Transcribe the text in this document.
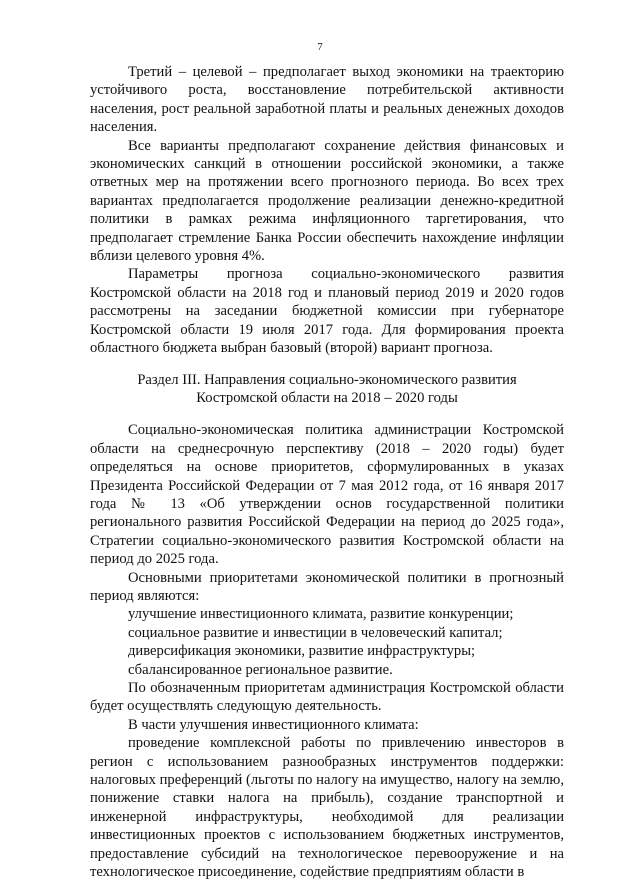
7

Третий – целевой – предполагает выход экономики на траекторию устойчивого роста, восстановление потребительской активности населения, рост реальной заработной платы и реальных денежных доходов населения.

Все варианты предполагают сохранение действия финансовых и экономических санкций в отношении российской экономики, а также ответных мер на протяжении всего прогнозного периода. Во всех трех вариантах предполагается продолжение реализации денежно-кредитной политики в рамках режима инфляционного таргетирования, что предполагает стремление Банка России обеспечить нахождение инфляции вблизи целевого уровня 4%.

Параметры прогноза социально-экономического развития Костромской области на 2018 год и плановый период 2019 и 2020 годов рассмотрены на заседании бюджетной комиссии при губернаторе Костромской области 19 июля 2017 года. Для формирования проекта областного бюджета выбран базовый (второй) вариант прогноза.

Раздел III. Направления социально-экономического развития
Костромской области на 2018 – 2020 годы

Социально-экономическая политика администрации Костромской области на среднесрочную перспективу (2018 – 2020 годы) будет определяться на основе приоритетов, сформулированных в указах Президента Российской Федерации от 7 мая 2012 года, от 16 января 2017 года № 13 «Об утверждении основ государственной политики регионального развития Российской Федерации на период до 2025 года», Стратегии социально-экономического развития Костромской области на период до 2025 года.

Основными приоритетами экономической политики в прогнозный период являются:

улучшение инвестиционного климата, развитие конкуренции;

социальное развитие и инвестиции в человеческий капитал;

диверсификация экономики, развитие инфраструктуры;

сбалансированное региональное развитие.

По обозначенным приоритетам администрация Костромской области будет осуществлять следующую деятельность.

В части улучшения инвестиционного климата:

проведение комплексной работы по привлечению инвесторов в регион с использованием разнообразных инструментов поддержки: налоговых преференций (льготы по налогу на имущество, налогу на землю, понижение ставки налога на прибыль), создание транспортной и инженерной инфраструктуры, необходимой для реализации инвестиционных проектов с использованием бюджетных инструментов, предоставление субсидий на технологическое перевооружение и на технологическое присоединение, содействие предприятиям области в
